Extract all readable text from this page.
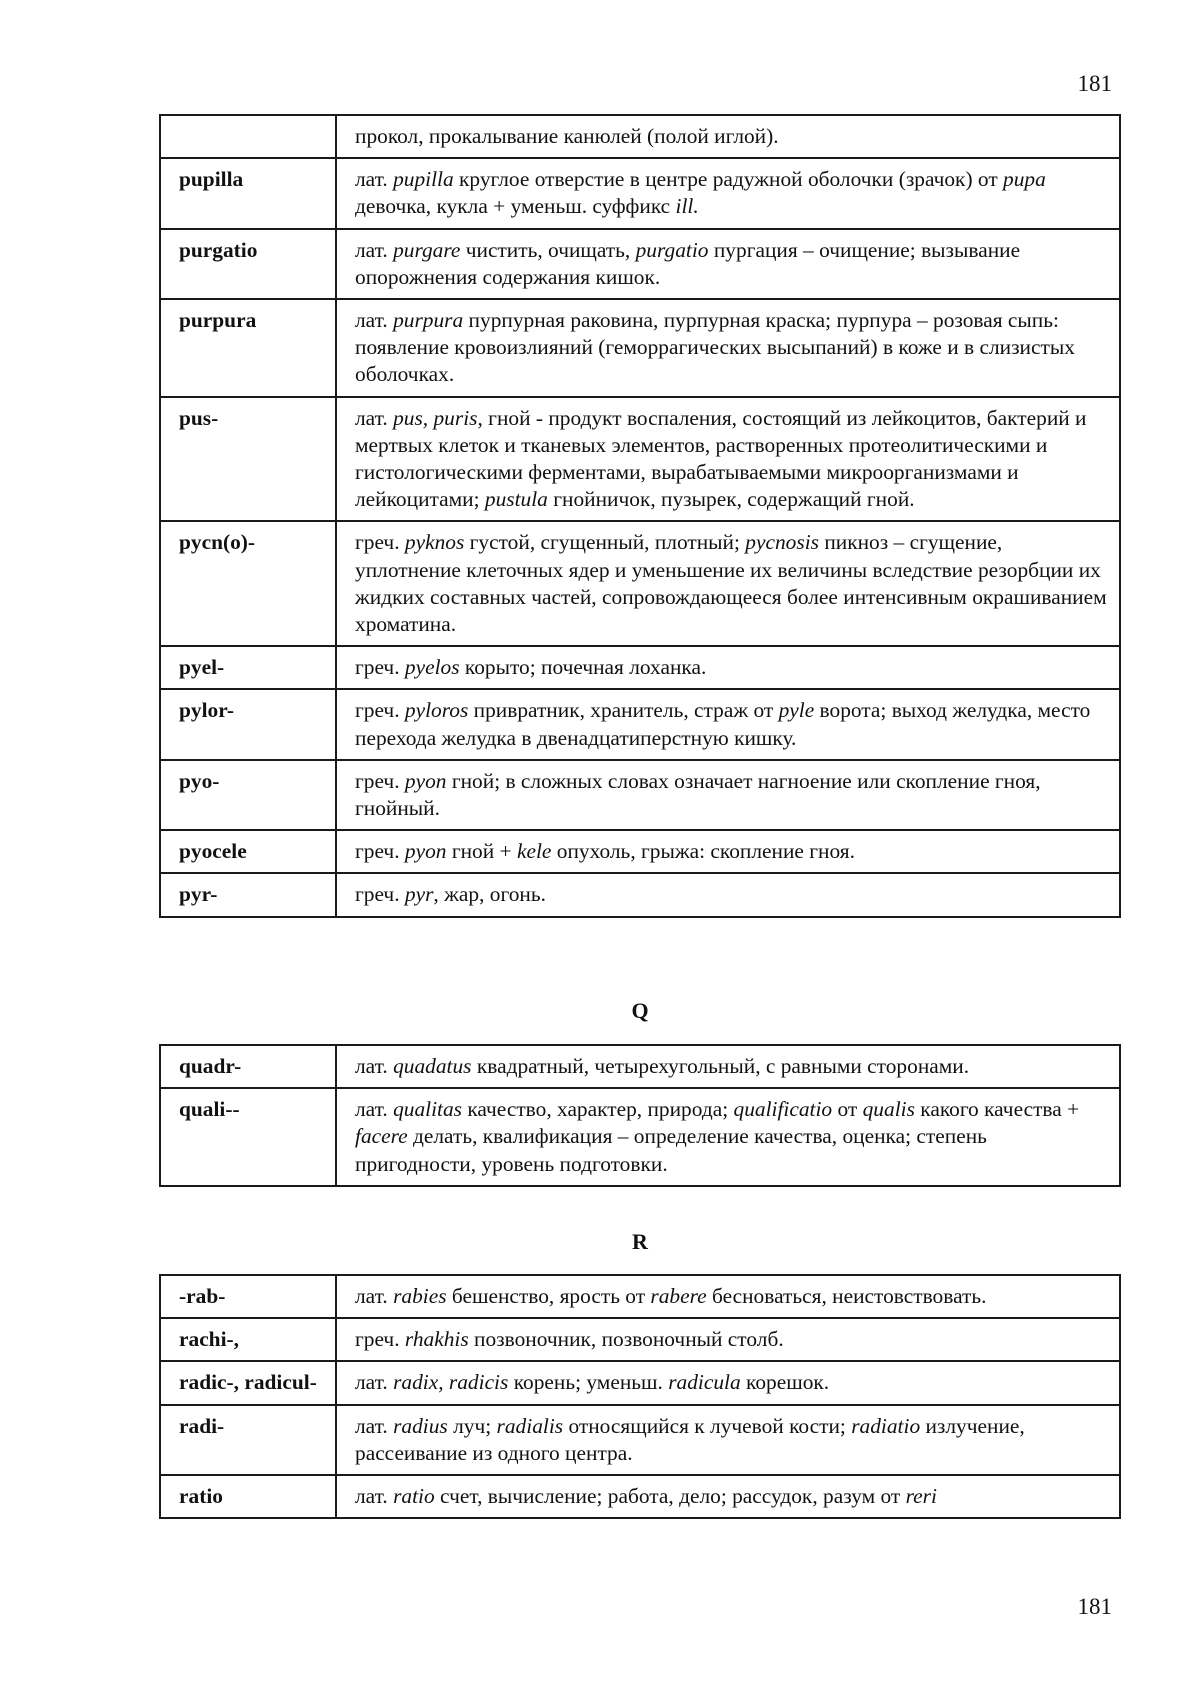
181
	прокол, прокалывание канюлей (полой иглой).
pupilla	лат. pupilla круглое отверстие в центре радужной оболочки (зрачок) от pupa девочка, кукла + уменьш. суффикс ill.
purgatio	лат. purgare чистить, очищать, purgatio пургация – очищение; вызывание опорожнения содержания кишок.
purpura	лат. purpura пурпурная раковина, пурпурная краска; пурпура – розовая сыпь: появление кровоизлияний (геморрагических высыпаний) в коже и в слизистых оболочках.
pus-	лат. pus, puris, гной - продукт воспаления, состоящий из лейкоцитов, бактерий и мертвых клеток и тканевых элементов, растворенных протеолитическими и гистологическими ферментами, вырабатываемыми микроорганизмами и лейкоцитами; pustula гнойничок, пузырек, содержащий гной.
pycn(o)-	греч. pyknos густой, сгущенный, плотный; pycnosis пикноз – сгущение, уплотнение клеточных ядер и уменьшение их величины вследствие резорбции их жидких составных частей, сопровождающееся более интенсивным окрашиванием хроматина.
pyel-	греч. pyelos корыто; почечная лоханка.
pylor-	греч. pyloros привратник, хранитель, страж от pyle ворота; выход желудка, место перехода желудка в двенадцатиперстную кишку.
pyo-	греч. pyon гной; в сложных словах означает нагноение или скопление гноя, гнойный.
pyocele	греч. pyon гной + kele опухоль, грыжа: скопление гноя.
pyr-	греч. pyr, жар, огонь.
Q
quadr-	лат. quadatus квадратный, четырехугольный, с равными сторонами.
quali--	лат. qualitas качество, характер, природа; qualificatio от qualis какого качества + facere делать, квалификация – определение качества, оценка; степень пригодности, уровень подготовки.
R
-rab-	лат. rabies бешенство, ярость от rabere бесноваться, неистовствовать.
rachi-,	греч. rhakhis позвоночник, позвоночный столб.
radic-, radicul-	лат. radix, radicis корень; уменьш. radicula корешок.
radi-	лат. radius луч; radialis относящийся к лучевой кости; radiatio излучение, рассеивание из одного центра.
ratio	лат. ratio счет, вычисление; работа, дело; рассудок, разум от reri
181
